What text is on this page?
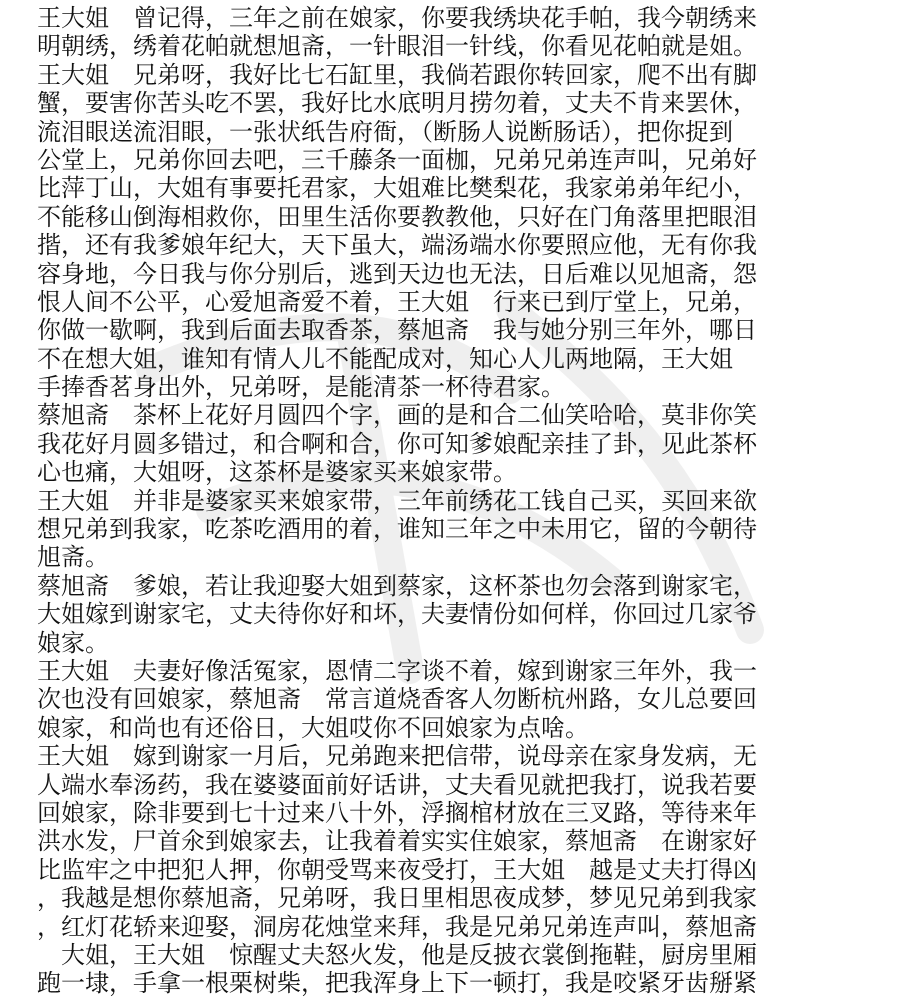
王大姐　曾记得，三年之前在娘家，你要我绣块花手帕，我今朝绣来
明朝绣，绣着花帕就想旭斋，一针眼泪一针线，你看见花帕就是姐。
王大姐　兄弟呀，我好比七石缸里，我倘若跟你转回家，爬不出有脚
蟹，要害你苦头吃不罢，我好比水底明月捞勿着，丈夫不肯来罢休，
流泪眼送流泪眼，一张状纸告府衙，（断肠人说断肠话），把你捉到
公堂上，兄弟你回去吧，三千藤条一面枷，兄弟兄弟连声叫，兄弟好
比萍丁山，大姐有事要托君家，大姐难比樊梨花，我家弟弟年纪小，
不能移山倒海相救你，田里生活你要教教他，只好在门角落里把眼泪
揩，还有我爹娘年纪大，天下虽大，端汤端水你要照应他，无有你我
容身地，今日我与你分别后，逃到天边也无法，日后难以见旭斋，怨
恨人间不公平，心爱旭斋爱不着，王大姐　行来已到厅堂上，兄弟，
你做一歇啊，我到后面去取香茶，蔡旭斋　我与她分别三年外，哪日
不在想大姐，谁知有情人儿不能配成对，知心人儿两地隔，王大姐
手捧香茗身出外，兄弟呀，是能清茶一杯待君家。
蔡旭斋　茶杯上花好月圆四个字，画的是和合二仙笑哈哈，莫非你笑
我花好月圆多错过，和合啊和合，你可知爹娘配亲挂了卦，见此茶杯
心也痛，大姐呀，这茶杯是婆家买来娘家带。
王大姐　并非是婆家买来娘家带，三年前绣花工钱自己买，买回来欲
想兄弟到我家，吃茶吃酒用的着，谁知三年之中未用它，留的今朝待
旭斋。
蔡旭斋　爹娘，若让我迎娶大姐到蔡家，这杯茶也勿会落到谢家宅，
大姐嫁到谢家宅，丈夫待你好和坏，夫妻情份如何样，你回过几家爷
娘家。
王大姐　夫妻好像活冤家，恩情二字谈不着，嫁到谢家三年外，我一
次也没有回娘家，蔡旭斋　常言道烧香客人勿断杭州路，女儿总要回
娘家，和尚也有还俗日，大姐哎你不回娘家为点啥。
王大姐　嫁到谢家一月后，兄弟跑来把信带，说母亲在家身发病，无
人端水奉汤药，我在婆婆面前好话讲，丈夫看见就把我打，说我若要
回娘家，除非要到七十过来八十外，浮搁棺材放在三叉路，等待来年
洪水发，尸首氽到娘家去，让我着着实实住娘家，蔡旭斋　在谢家好
比监牢之中把犯人押，你朝受骂来夜受打，王大姐　越是丈夫打得凶
，我越是想你蔡旭斋，兄弟呀，我日里相思夜成梦，梦见兄弟到我家
，红灯花轿来迎娶，洞房花烛堂来拜，我是兄弟兄弟连声叫，蔡旭斋
　大姐，王大姐　惊醒丈夫怒火发，他是反披衣裳倒拖鞋，厨房里厢
跑一埭，手拿一根栗树柴，把我浑身上下一顿打，我是咬紧牙齿掰紧
